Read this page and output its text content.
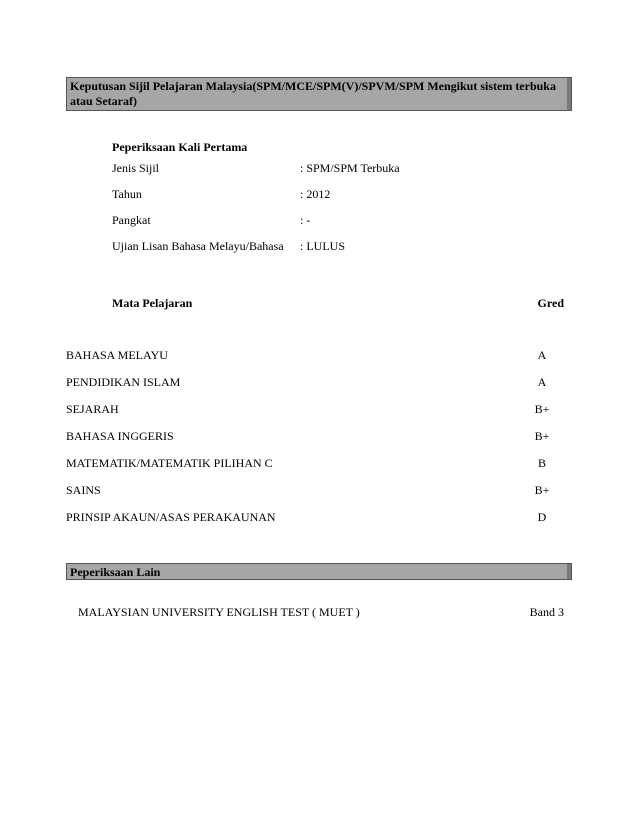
Keputusan Sijil Pelajaran Malaysia(SPM/MCE/SPM(V)/SPVM/SPM Mengikut sistem terbuka atau Setaraf)
Peperiksaan Kali Pertama
Jenis Sijil	: SPM/SPM Terbuka
Tahun	: 2012
Pangkat	: -
Ujian Lisan Bahasa Melayu/Bahasa : LULUS
Mata Pelajaran	Gred
BAHASA MELAYU	A
PENDIDIKAN ISLAM	A
SEJARAH	B+
BAHASA INGGERIS	B+
MATEMATIK/MATEMATIK PILIHAN C	B
SAINS	B+
PRINSIP AKAUN/ASAS PERAKAUNAN	D
Peperiksaan Lain
MALAYSIAN UNIVERSITY ENGLISH TEST ( MUET )	Band 3
